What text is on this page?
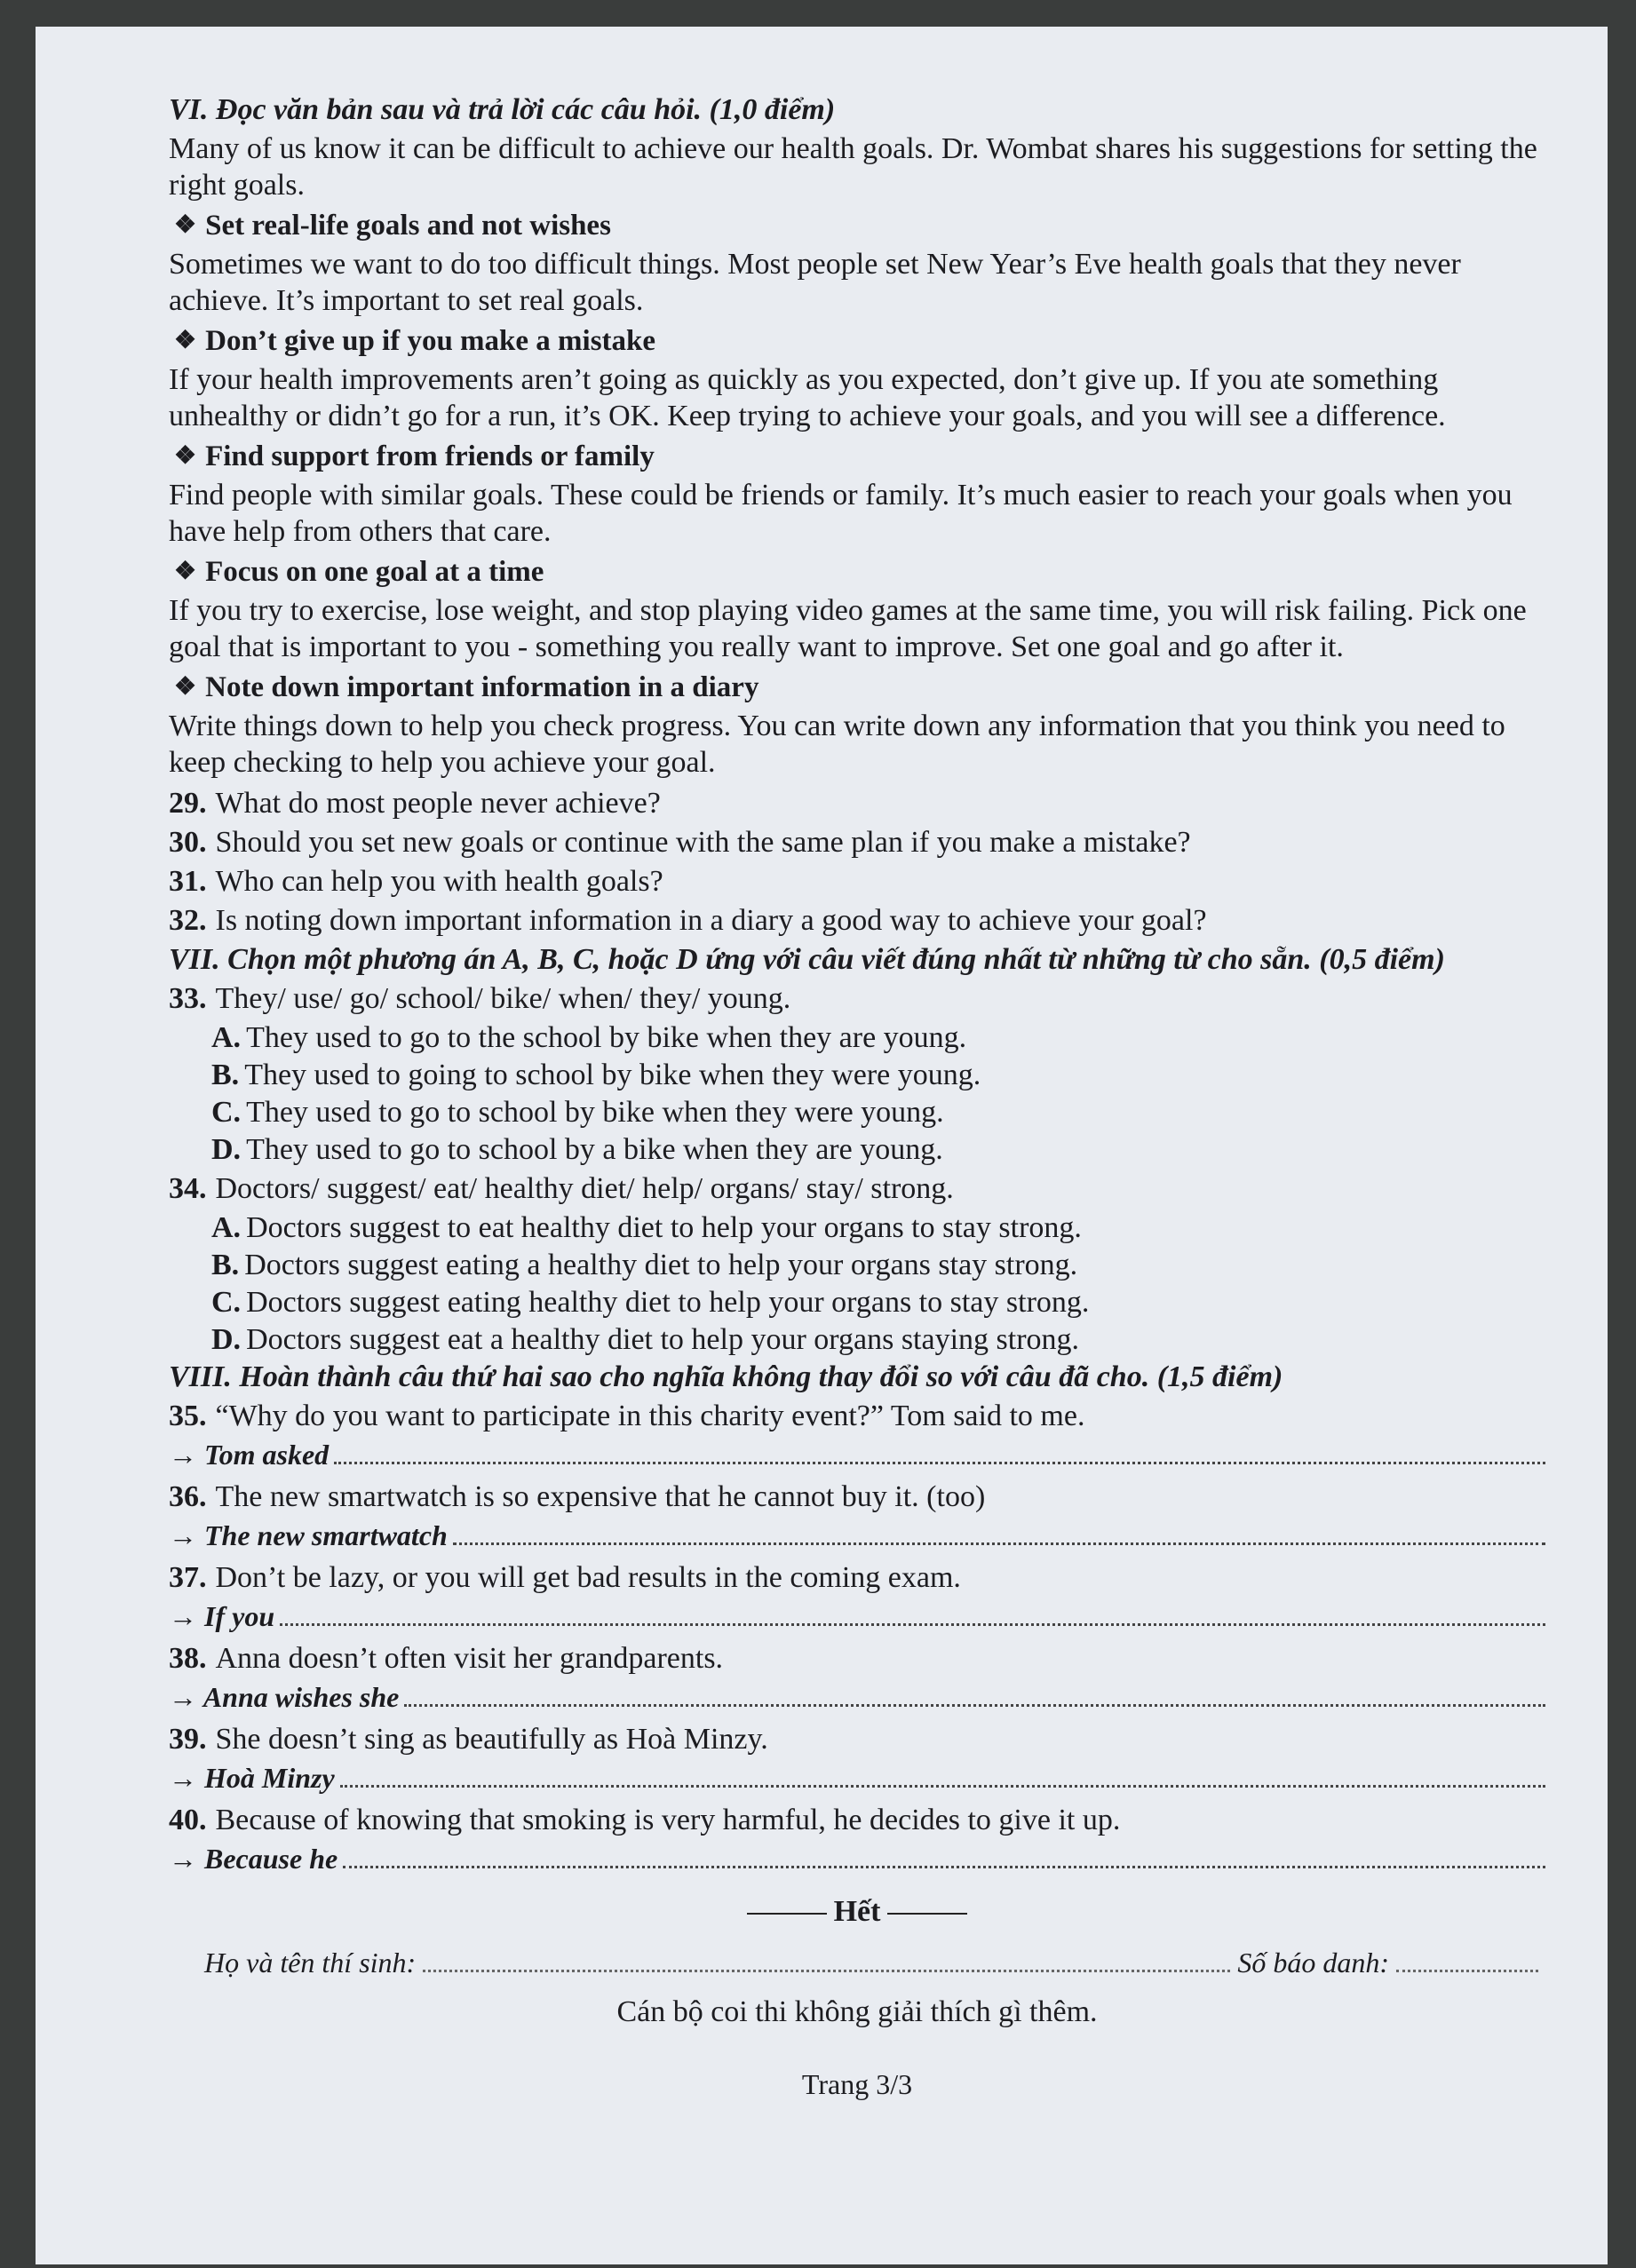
VI. Đọc văn bản sau và trả lời các câu hỏi. (1,0 điểm)
Many of us know it can be difficult to achieve our health goals. Dr. Wombat shares his suggestions for setting the right goals.
❖ Set real-life goals and not wishes
Sometimes we want to do too difficult things. Most people set New Year’s Eve health goals that they never achieve. It’s important to set real goals.
❖ Don’t give up if you make a mistake
If your health improvements aren’t going as quickly as you expected, don’t give up. If you ate something unhealthy or didn’t go for a run, it’s OK. Keep trying to achieve your goals, and you will see a difference.
❖ Find support from friends or family
Find people with similar goals. These could be friends or family. It’s much easier to reach your goals when you have help from others that care.
❖ Focus on one goal at a time
If you try to exercise, lose weight, and stop playing video games at the same time, you will risk failing. Pick one goal that is important to you - something you really want to improve. Set one goal and go after it.
❖ Note down important information in a diary
Write things down to help you check progress. You can write down any information that you think you need to keep checking to help you achieve your goal.
29. What do most people never achieve?
30. Should you set new goals or continue with the same plan if you make a mistake?
31. Who can help you with health goals?
32. Is noting down important information in a diary a good way to achieve your goal?
VII. Chọn một phương án A, B, C, hoặc D ứng với câu viết đúng nhất từ những từ cho sẵn. (0,5 điểm)
33. They/ use/ go/ school/ bike/ when/ they/ young.
A. They used to go to the school by bike when they are young.
B. They used to going to school by bike when they were young.
C. They used to go to school by bike when they were young.
D. They used to go to school by a bike when they are young.
34. Doctors/ suggest/ eat/ healthy diet/ help/ organs/ stay/ strong.
A. Doctors suggest to eat healthy diet to help your organs to stay strong.
B. Doctors suggest eating a healthy diet to help your organs stay strong.
C. Doctors suggest eating healthy diet to help your organs to stay strong.
D. Doctors suggest eat a healthy diet to help your organs staying strong.
VIII. Hoàn thành câu thứ hai sao cho nghĩa không thay đổi so với câu đã cho. (1,5 điểm)
35. “Why do you want to participate in this charity event?” Tom said to me.
→ Tom asked
36. The new smartwatch is so expensive that he cannot buy it. (too)
→ The new smartwatch
37. Don’t be lazy, or you will get bad results in the coming exam.
→ If you
38. Anna doesn’t often visit her grandparents.
→ Anna wishes she
39. She doesn’t sing as beautifully as Hoà Minzy.
→ Hoà Minzy
40. Because of knowing that smoking is very harmful, he decides to give it up.
→ Because he
Hết
Họ và tên thí sinh:	Số báo danh:
Cán bộ coi thi không giải thích gì thêm.
Trang 3/3
